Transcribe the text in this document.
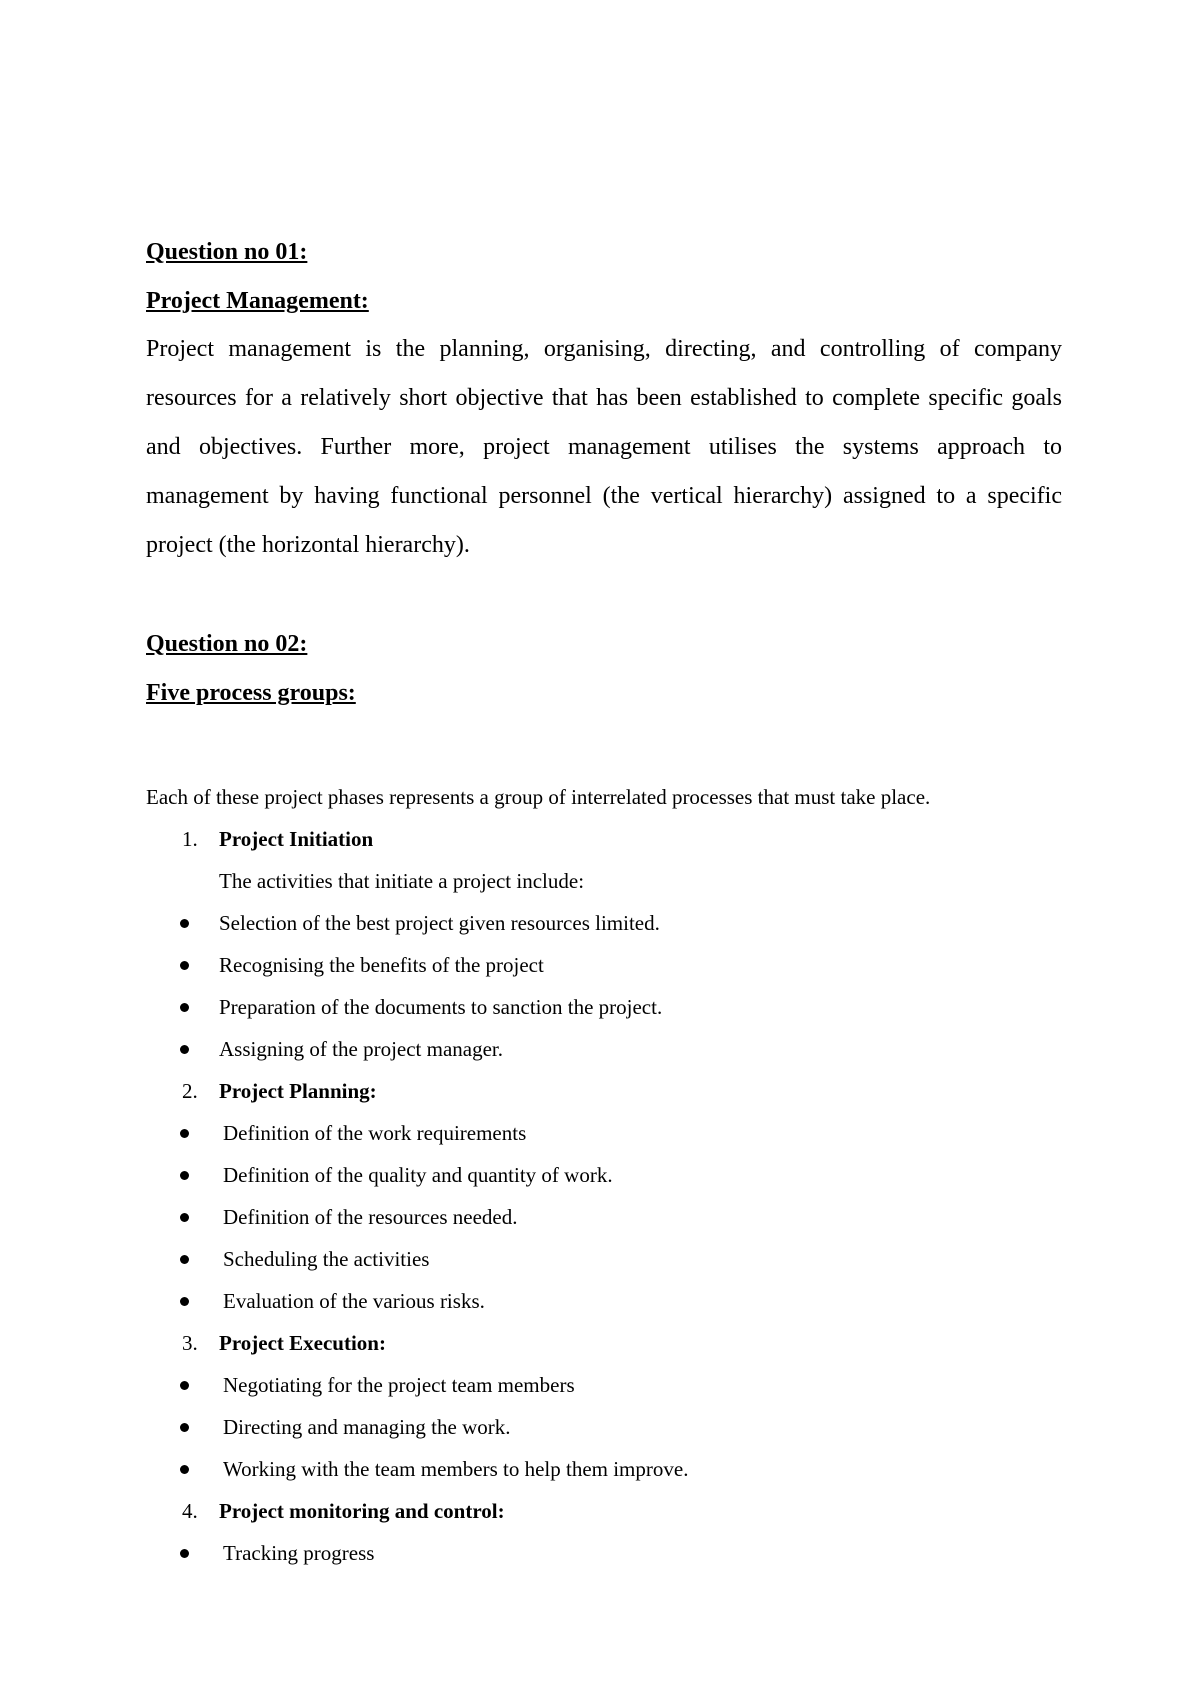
Question no 01:
Project Management:

Project management is the planning, organising, directing, and controlling of company resources for a relatively short objective that has been established to complete specific goals and objectives. Further more, project management utilises the systems approach to management by having functional personnel (the vertical hierarchy) assigned to a specific project (the horizontal hierarchy).

Question no 02:
Five process groups:

Each of these project phases represents a group of interrelated processes that must take place.

1. Project Initiation
The activities that initiate a project include:
Selection of the best project given resources limited.
Recognising the benefits of the project
Preparation of the documents to sanction the project.
Assigning of the project manager.
2. Project Planning:
Definition of the work requirements
Definition of the quality and quantity of work.
Definition of the resources needed.
Scheduling the activities
Evaluation of the various risks.
3. Project Execution:
Negotiating for the project team members
Directing and managing the work.
Working with the team members to help them improve.
4. Project monitoring and control:
Tracking progress
